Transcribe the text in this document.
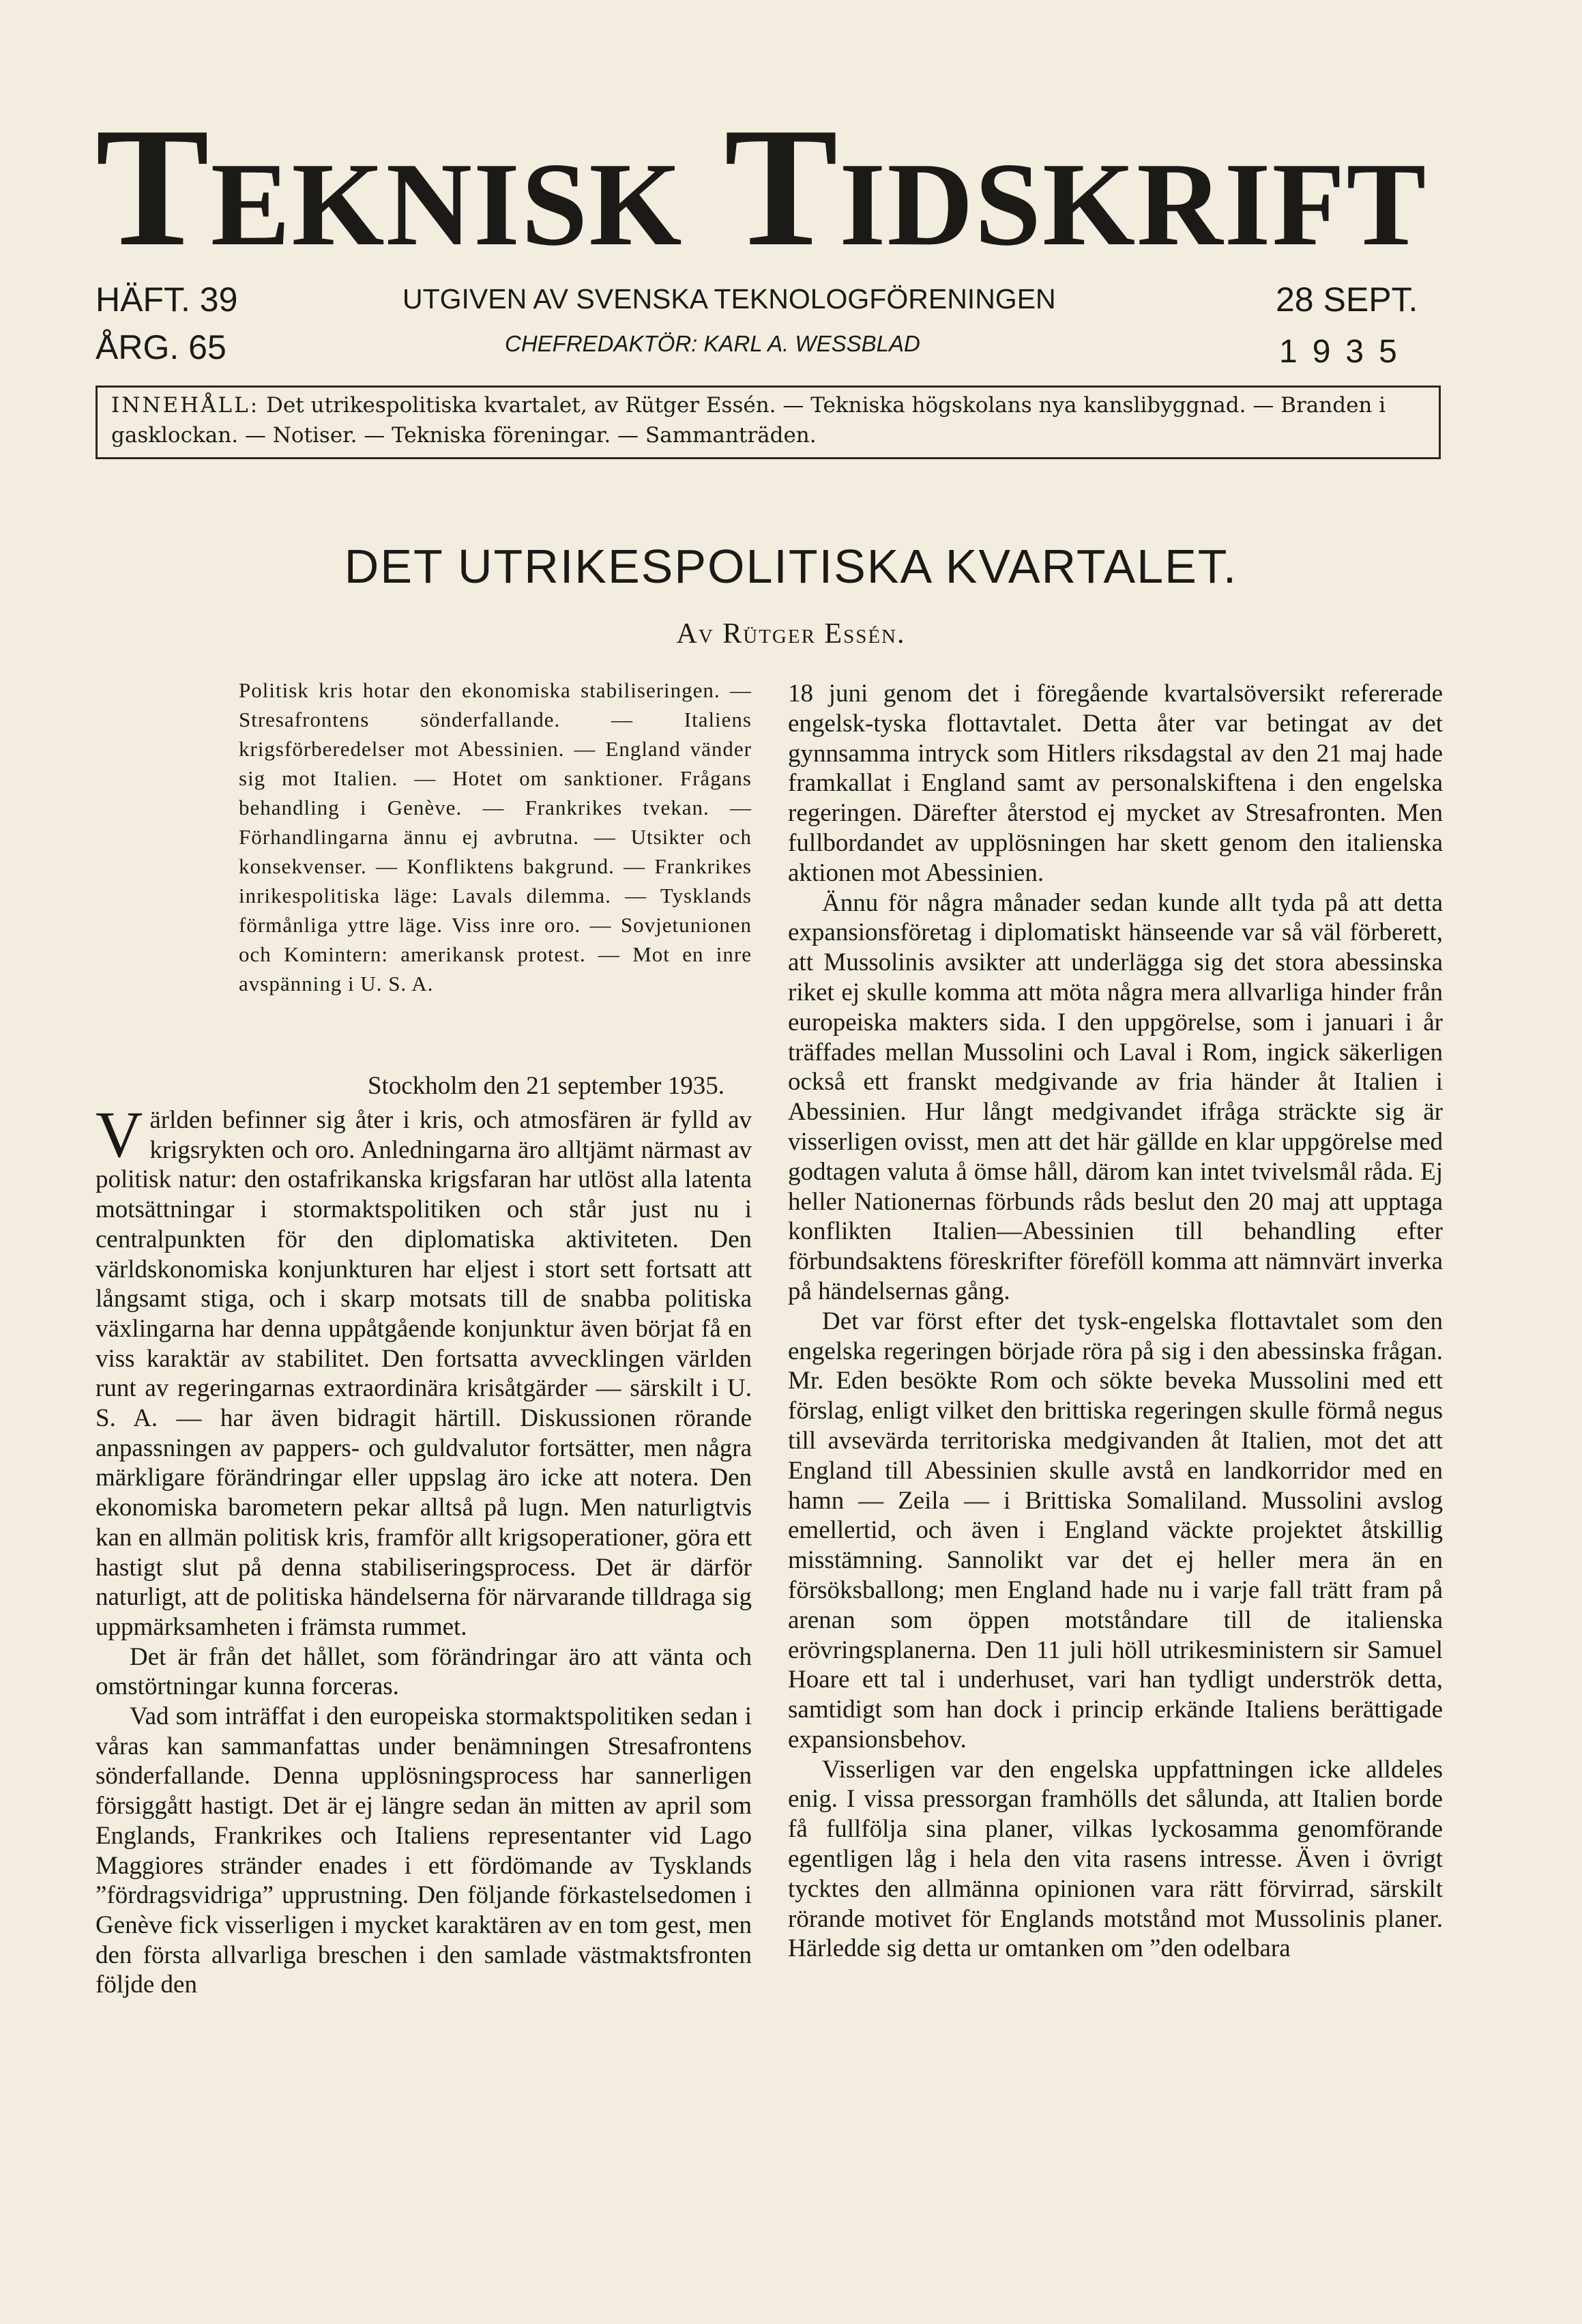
Teknisk Tidskrift
HÄFT. 39
ÅRG. 65
UTGIVEN AV SVENSKA TEKNOLOGFÖRENINGEN
CHEFREDAKTÖR: KARL A. WESSBLAD
28 SEPT.
1935
INNEHÅLL: Det utrikespolitiska kvartalet, av Rütger Essén. — Tekniska högskolans nya kanslibyggnad. — Branden i gasklockan. — Notiser. — Tekniska föreningar. — Sammanträden.
DET UTRIKESPOLITISKA KVARTALET.
Av Rütger Essén.
Politisk kris hotar den ekonomiska stabiliseringen. — Stresafrontens sönderfallande. — Italiens krigsförberedelser mot Abessinien. — England vänder sig mot Italien. — Hotet om sanktioner. Frågans behandling i Genève. — Frankrikes tvekan. — Förhandlingarna ännu ej avbrutna. — Utsikter och konsekvenser. — Konfliktens bakgrund. — Frankrikes inrikespolitiska läge: Lavals dilemma. — Tysklands förmånliga yttre läge. Viss inre oro. — Sovjetunionen och Komintern: amerikansk protest. — Mot en inre avspänning i U. S. A.
Stockholm den 21 september 1935.

Världen befinner sig åter i kris, och atmosfären är fylld av krigsrykten och oro. Anledningarna äro alltjämt närmast av politisk natur: den ostafrikanska krigsfaran har utlöst alla latenta motsättningar i stormaktspolitiken och står just nu i centralpunkten för den diplomatiska aktiviteten. Den världskonomiska konjunkturen har eljest i stort sett fortsatt att långsamt stiga, och i skarp motsats till de snabba politiska växlingarna har denna uppåtgående konjunktur även börjat få en viss karaktär av stabilitet. Den fortsatta avvecklingen världen runt av regeringarnas extraordinära krisåtgärder — särskilt i U. S. A. — har även bidragit härtill. Diskussionen rörande anpassningen av pappers- och guldvalutor fortsätter, men några märkligare förändringar eller uppslag äro icke att notera. Den ekonomiska barometern pekar alltså på lugn. Men naturligtvis kan en allmän politisk kris, framför allt krigsoperationer, göra ett hastigt slut på denna stabiliseringsprocess. Det är därför naturligt, att de politiska händelserna för närvarande tilldraga sig uppmärksamheten i främsta rummet.

Det är från det hållet, som förändringar äro att vänta och omstörtningar kunna forceras.

Vad som inträffat i den europeiska stormaktspolitiken sedan i våras kan sammanfattas under benämningen Stresafrontens sönderfallande. Denna upplösningsprocess har sannerligen försiggått hastigt. Det är ej längre sedan än mitten av april som Englands, Frankrikes och Italiens representanter vid Lago Maggiores stränder enades i ett fördömande av Tysklands ”fördragsvidriga” upprustning. Den följande förkastelsedomen i Genève fick visserligen i mycket karaktären av en tom gest, men den första allvarliga breschen i den samlade västmaktsfronten följde den

18 juni genom det i föregående kvartalsöversikt refererade engelsk-tyska flottavtalet. Detta åter var betingat av det gynnsamma intryck som Hitlers riksdagstal av den 21 maj hade framkallat i England samt av personalskiftena i den engelska regeringen. Därefter återstod ej mycket av Stresafronten. Men fullbordandet av upplösningen har skett genom den italienska aktionen mot Abessinien.

Ännu för några månader sedan kunde allt tyda på att detta expansionsföretag i diplomatiskt hänseende var så väl förberett, att Mussolinis avsikter att underlägga sig det stora abessinska riket ej skulle komma att möta några mera allvarliga hinder från europeiska makters sida. I den uppgörelse, som i januari i år träffades mellan Mussolini och Laval i Rom, ingick säkerligen också ett franskt medgivande av fria händer åt Italien i Abessinien. Hur långt medgivandet ifråga sträckte sig är visserligen ovisst, men att det här gällde en klar uppgörelse med godtagen valuta å ömse håll, därom kan intet tvivelsmål råda. Ej heller Nationernas förbunds råds beslut den 20 maj att upptaga konflikten Italien—Abessinien till behandling efter förbundsaktens föreskrifter föreföll komma att nämnvärt inverka på händelsernas gång.

Det var först efter det tysk-engelska flottavtalet som den engelska regeringen började röra på sig i den abessinska frågan. Mr. Eden besökte Rom och sökte beveka Mussolini med ett förslag, enligt vilket den brittiska regeringen skulle förmå negus till avsevärda territoriska medgivanden åt Italien, mot det att England till Abessinien skulle avstå en landkorridor med en hamn — Zeila — i Brittiska Somaliland. Mussolini avslog emellertid, och även i England väckte projektet åtskillig misstämning. Sannolikt var det ej heller mera än en försöksballong; men England hade nu i varje fall trätt fram på arenan som öppen motståndare till de italienska erövringsplanerna. Den 11 juli höll utrikesministern sir Samuel Hoare ett tal i underhuset, vari han tydligt underströk detta, samtidigt som han dock i princip erkände Italiens berättigade expansionsbehov.

Visserligen var den engelska uppfattningen icke alldeles enig. I vissa pressorgan framhölls det sålunda, att Italien borde få fullfölja sina planer, vilkas lyckosamma genomförande egentligen låg i hela den vita rasens intresse. Även i övrigt tycktes den allmänna opinionen vara rätt förvirrad, särskilt rörande motivet för Englands motstånd mot Mussolinis planer. Härledde sig detta ur omtanken om ”den odelbara
